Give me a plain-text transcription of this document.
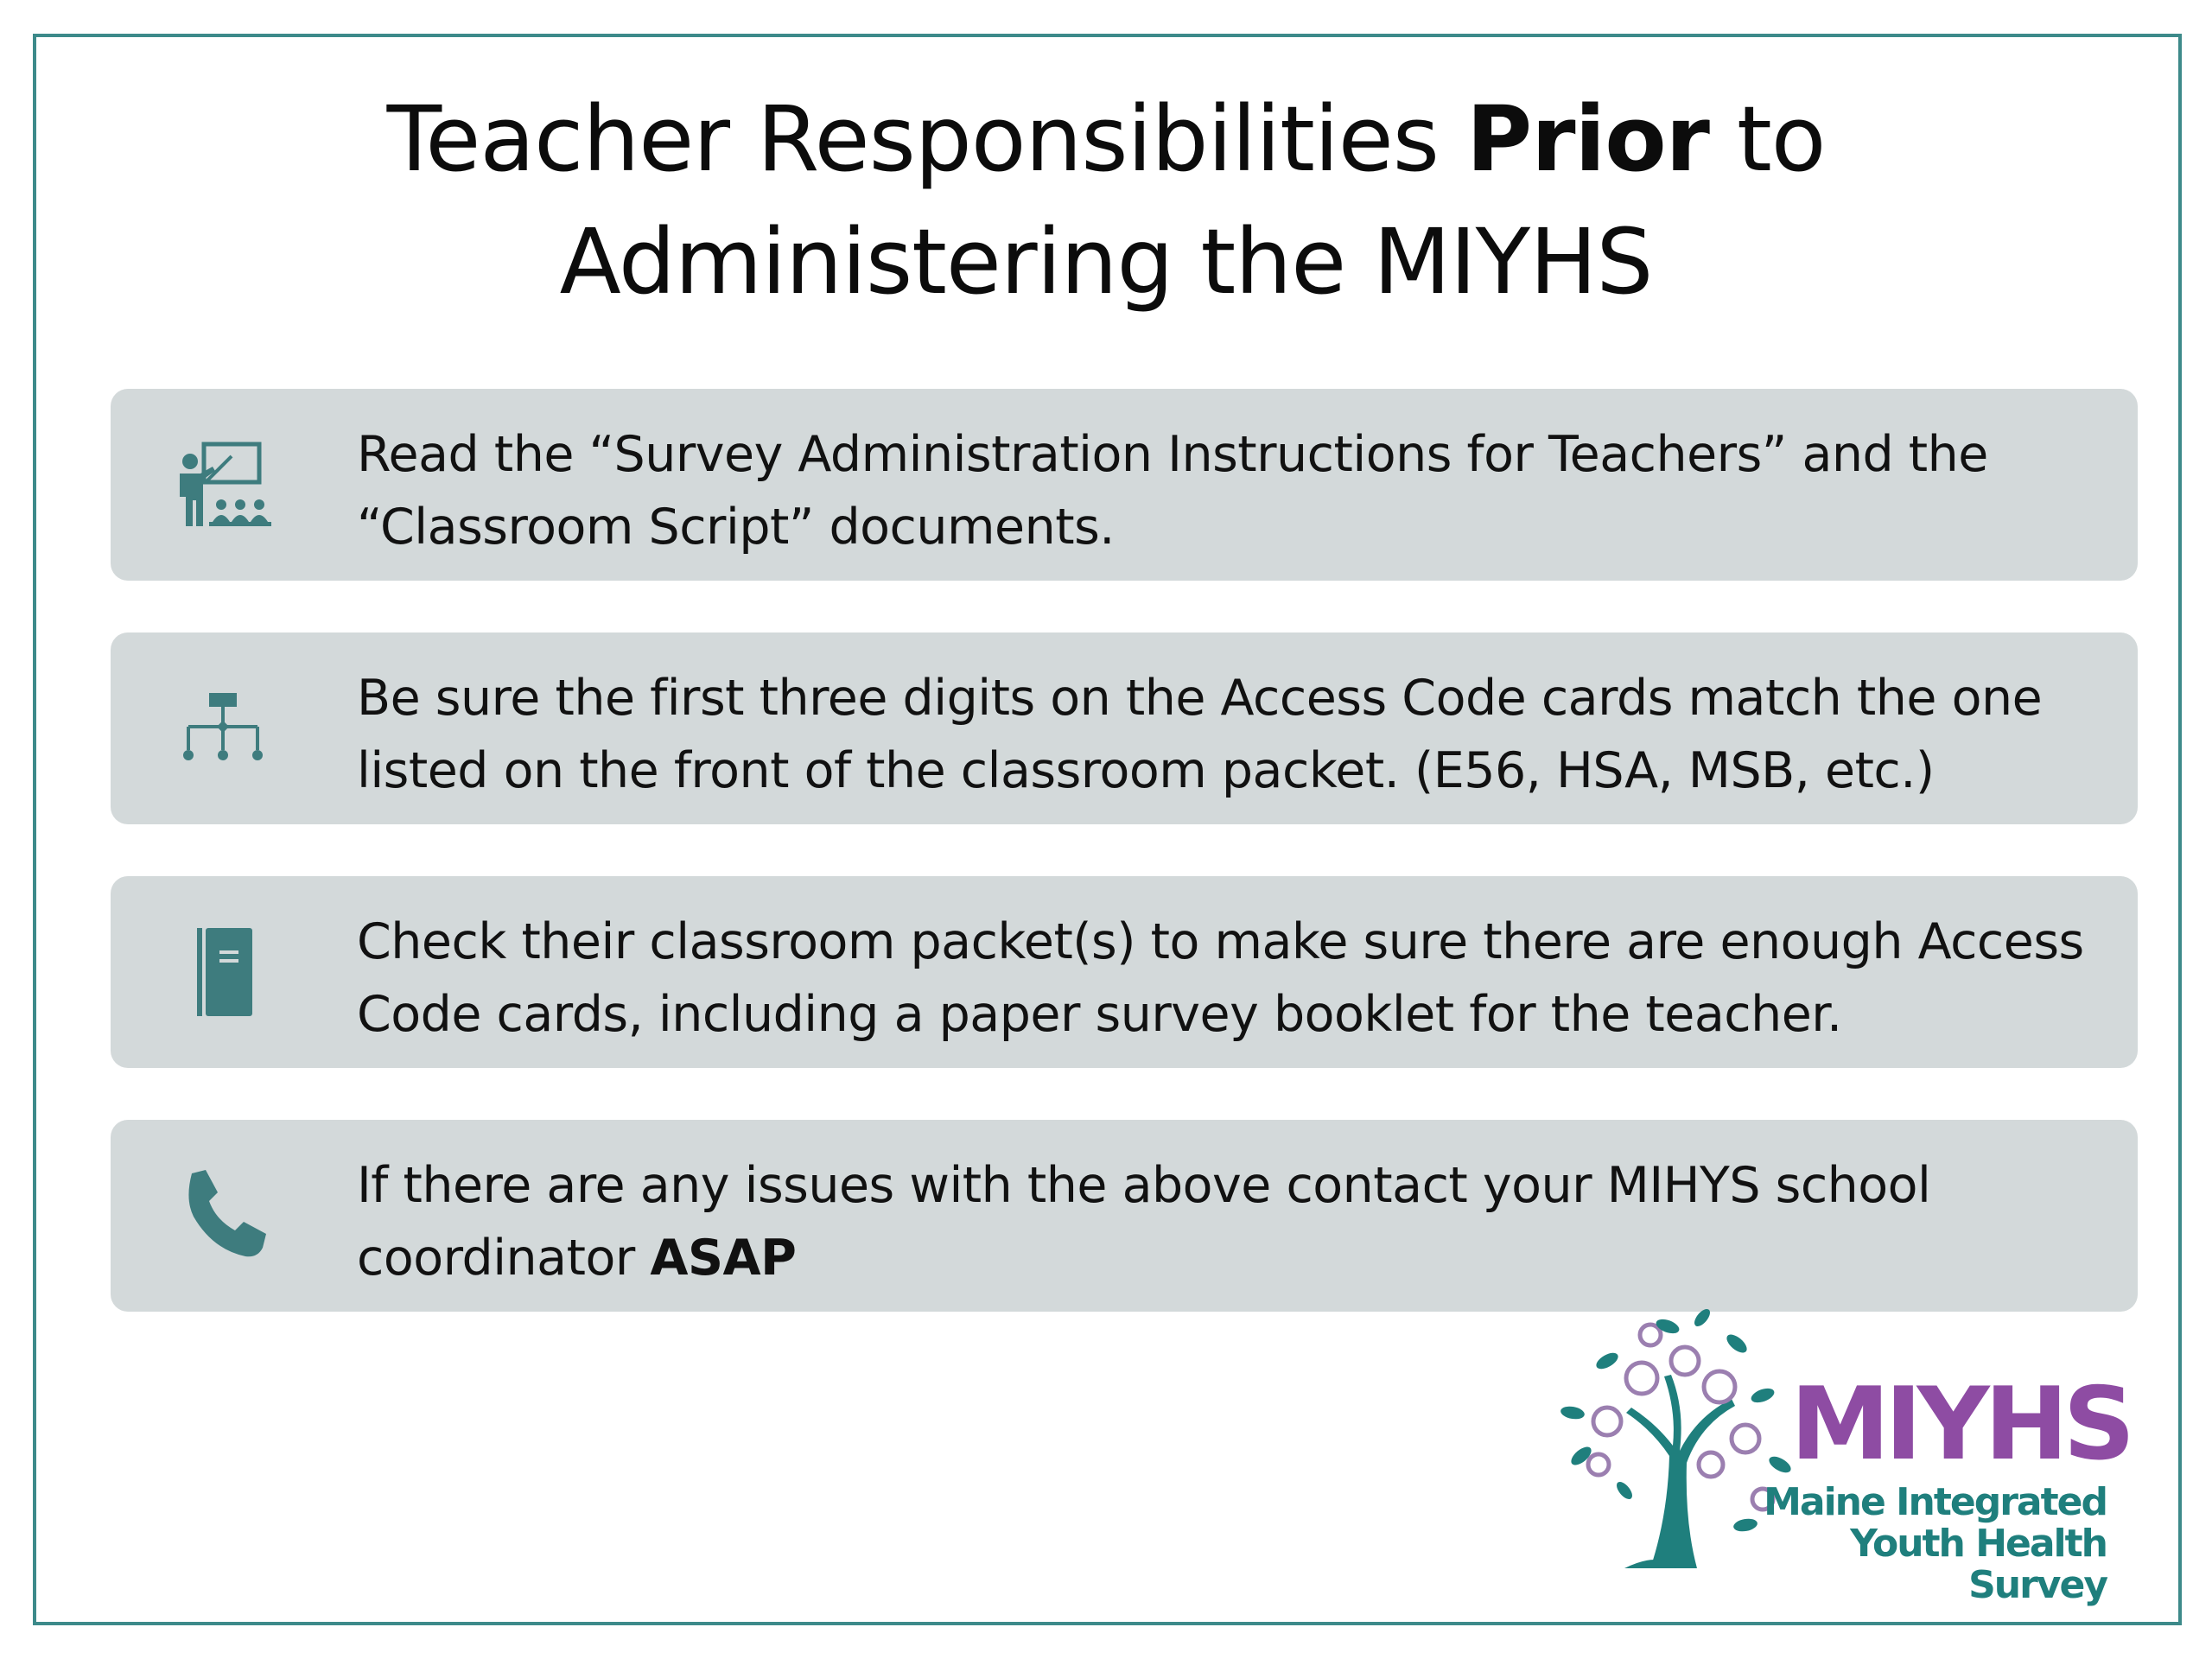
Teacher Responsibilities Prior to
Administering the MIYHS
Read the “Survey Administration Instructions for Teachers” and the “Classroom Script” documents.
Be sure the first three digits on the Access Code cards match the one listed on the front of the classroom packet. (E56, HSA, MSB, etc.)
Check their classroom packet(s) to make sure there are enough Access Code cards, including a paper survey booklet for the teacher.
If there are any issues with the above contact your MIHYS school coordinator ASAP
MIYHS
Maine Integrated
Youth Health Survey
